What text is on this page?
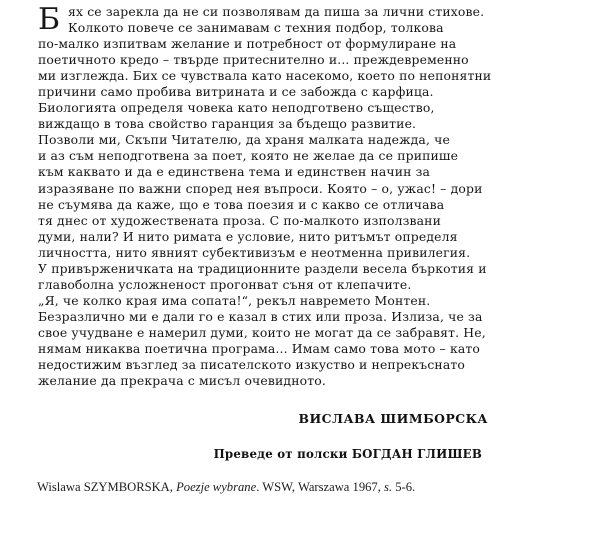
Б ях се зарекла да не си позволявам да пиша за лични стихове.
Колкото повече се занимавам с техния подбор, толкова
по-малко изпитвам желание и потребност от формулиране на
поетичното кредо – твърде притеснително и... преждевременно
ми изглежда. Бих се чувствала като насекомо, което по непонятни
причини само пробива витрината и се забожда с карфица.
Биологията определя човека като неподготвено същество,
виждащо в това свойство гаранция за бъдещо развитие.
Позволи ми, Скъпи Читателю, да храня малката надежда, че
и аз съм неподготвена за поет, която не желае да се припише
към каквато и да е единствена тема и единствен начин за
изразяване по важни според нея въпроси. Която – о, ужас! – дори
не съумява да каже, що е това поезия и с какво се отличава
тя днес от художествената проза. С по-малкото използвани
думи, нали? И нито римата е условие, нито ритъмът определя
личността, нито явният субективизъм е неотменна привилегия.
У привърженичката на традиционните раздели весела бъркотия и
главоболна усложненост прогонват съня от клепачите.
„Я, че колко края има сопата!“, рекъл навремето Монтен.
Безразлично ми е дали го е казал в стих или проза. Излиза, че за
свое учудване е намерил думи, които не могат да се забравят. Не,
нямам никаква поетична програма... Имам само това мото – като
недостижим възглед за писателското изкуство и непрекъснато
желание да прекрача с мисъл очевидното.
ВИСЛАВА ШИМБОРСКА
Преведе от полски БОГДАН ГЛИШЕВ
Wislawa SZYMBORSKA, Poezje wybrane. WSW, Warszawa 1967, s. 5-6.
